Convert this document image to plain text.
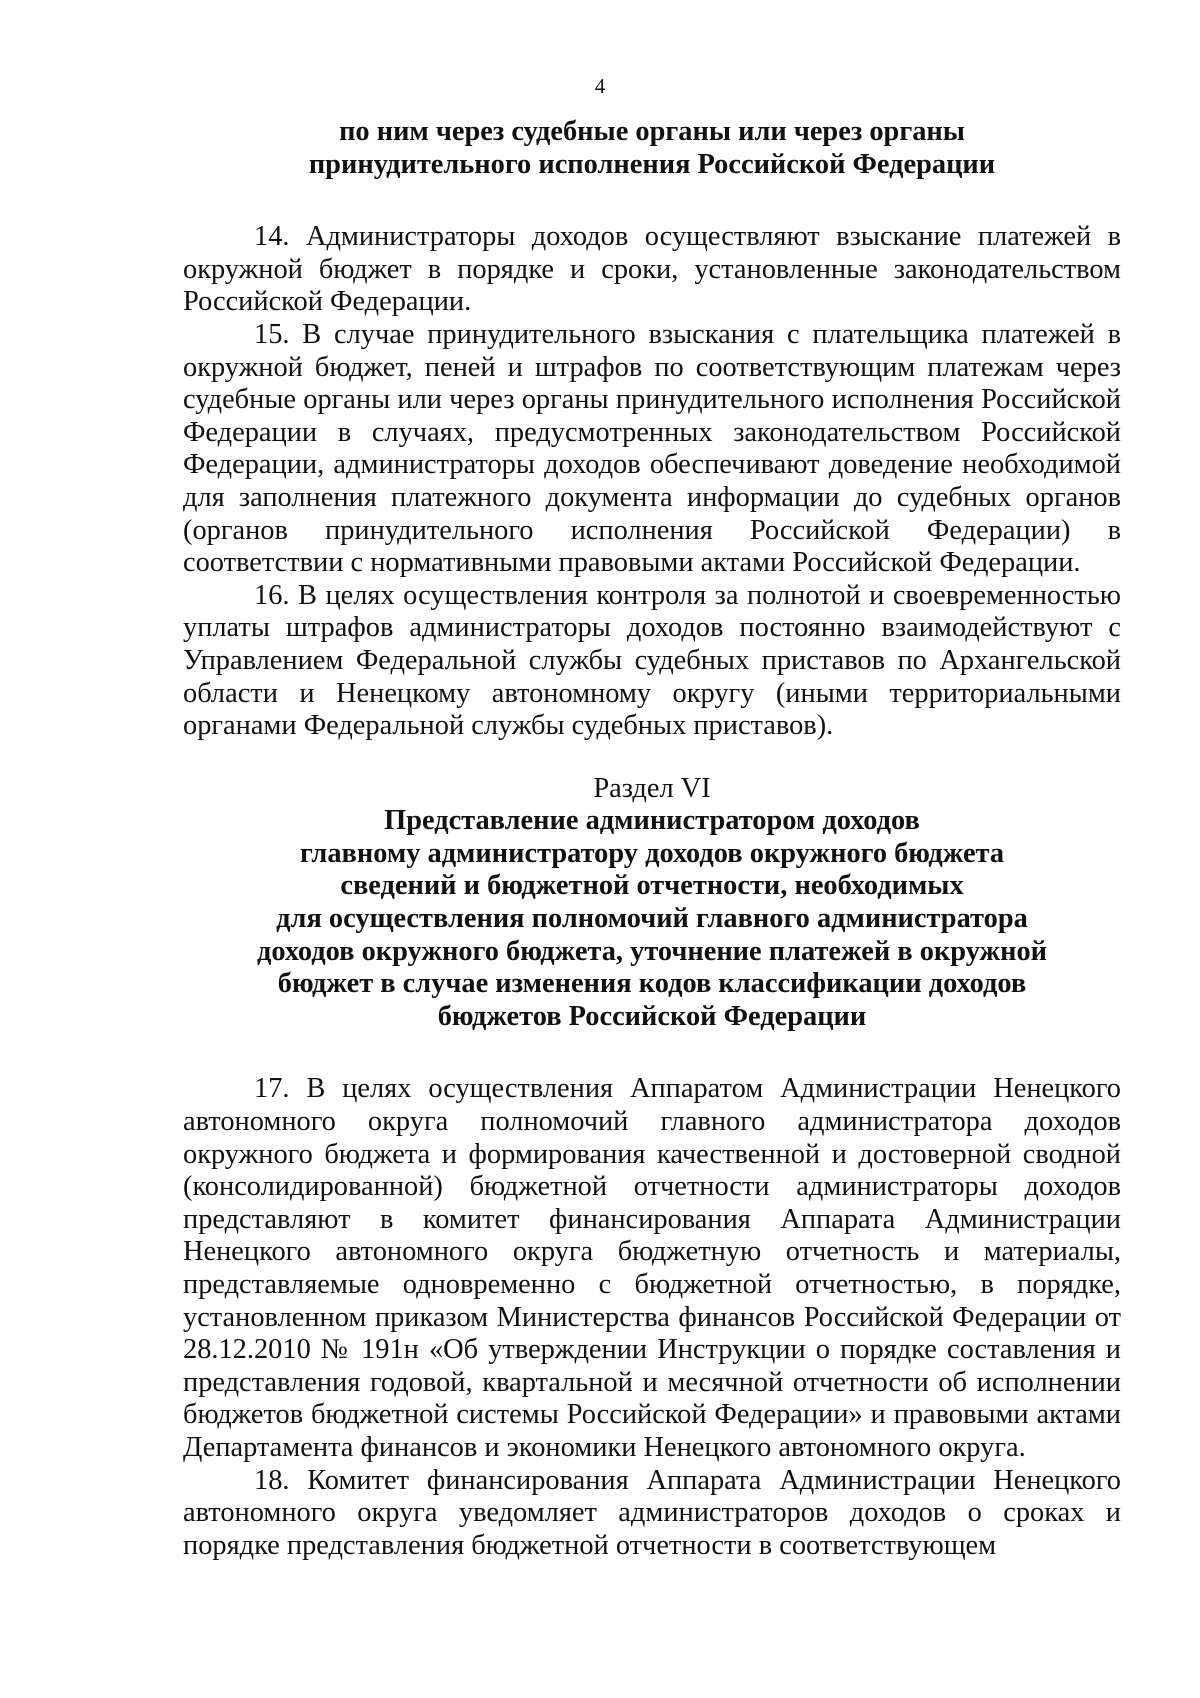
4
по ним через судебные органы или через органы
принудительного исполнения Российской Федерации

14. Администраторы доходов осуществляют взыскание платежей в окружной бюджет в порядке и сроки, установленные законодательством Российской Федерации.

15. В случае принудительного взыскания с плательщика платежей в окружной бюджет, пеней и штрафов по соответствующим платежам через судебные органы или через органы принудительного исполнения Российской Федерации в случаях, предусмотренных законодательством Российской Федерации, администраторы доходов обеспечивают доведение необходимой для заполнения платежного документа информации до судебных органов (органов принудительного исполнения Российской Федерации) в соответствии с нормативными правовыми актами Российской Федерации.

16. В целях осуществления контроля за полнотой и своевременностью уплаты штрафов администраторы доходов постоянно взаимодействуют с Управлением Федеральной службы судебных приставов по Архангельской области и Ненецкому автономному округу (иными территориальными органами Федеральной службы судебных приставов).

Раздел VI

Представление администратором доходов
главному администратору доходов окружного бюджета
сведений и бюджетной отчетности, необходимых
для осуществления полномочий главного администратора
доходов окружного бюджета, уточнение платежей в окружной
бюджет в случае изменения кодов классификации доходов
бюджетов Российской Федерации

17. В целях осуществления Аппаратом Администрации Ненецкого автономного округа полномочий главного администратора доходов окружного бюджета и формирования качественной и достоверной сводной (консолидированной) бюджетной отчетности администраторы доходов представляют в комитет финансирования Аппарата Администрации Ненецкого автономного округа бюджетную отчетность и материалы, представляемые одновременно с бюджетной отчетностью, в порядке, установленном приказом Министерства финансов Российской Федерации от 28.12.2010 № 191н «Об утверждении Инструкции о порядке составления и представления годовой, квартальной и месячной отчетности об исполнении бюджетов бюджетной системы Российской Федерации» и правовыми актами Департамента финансов и экономики Ненецкого автономного округа.

18. Комитет финансирования Аппарата Администрации Ненецкого автономного округа уведомляет администраторов доходов о сроках и порядке представления бюджетной отчетности в соответствующем
